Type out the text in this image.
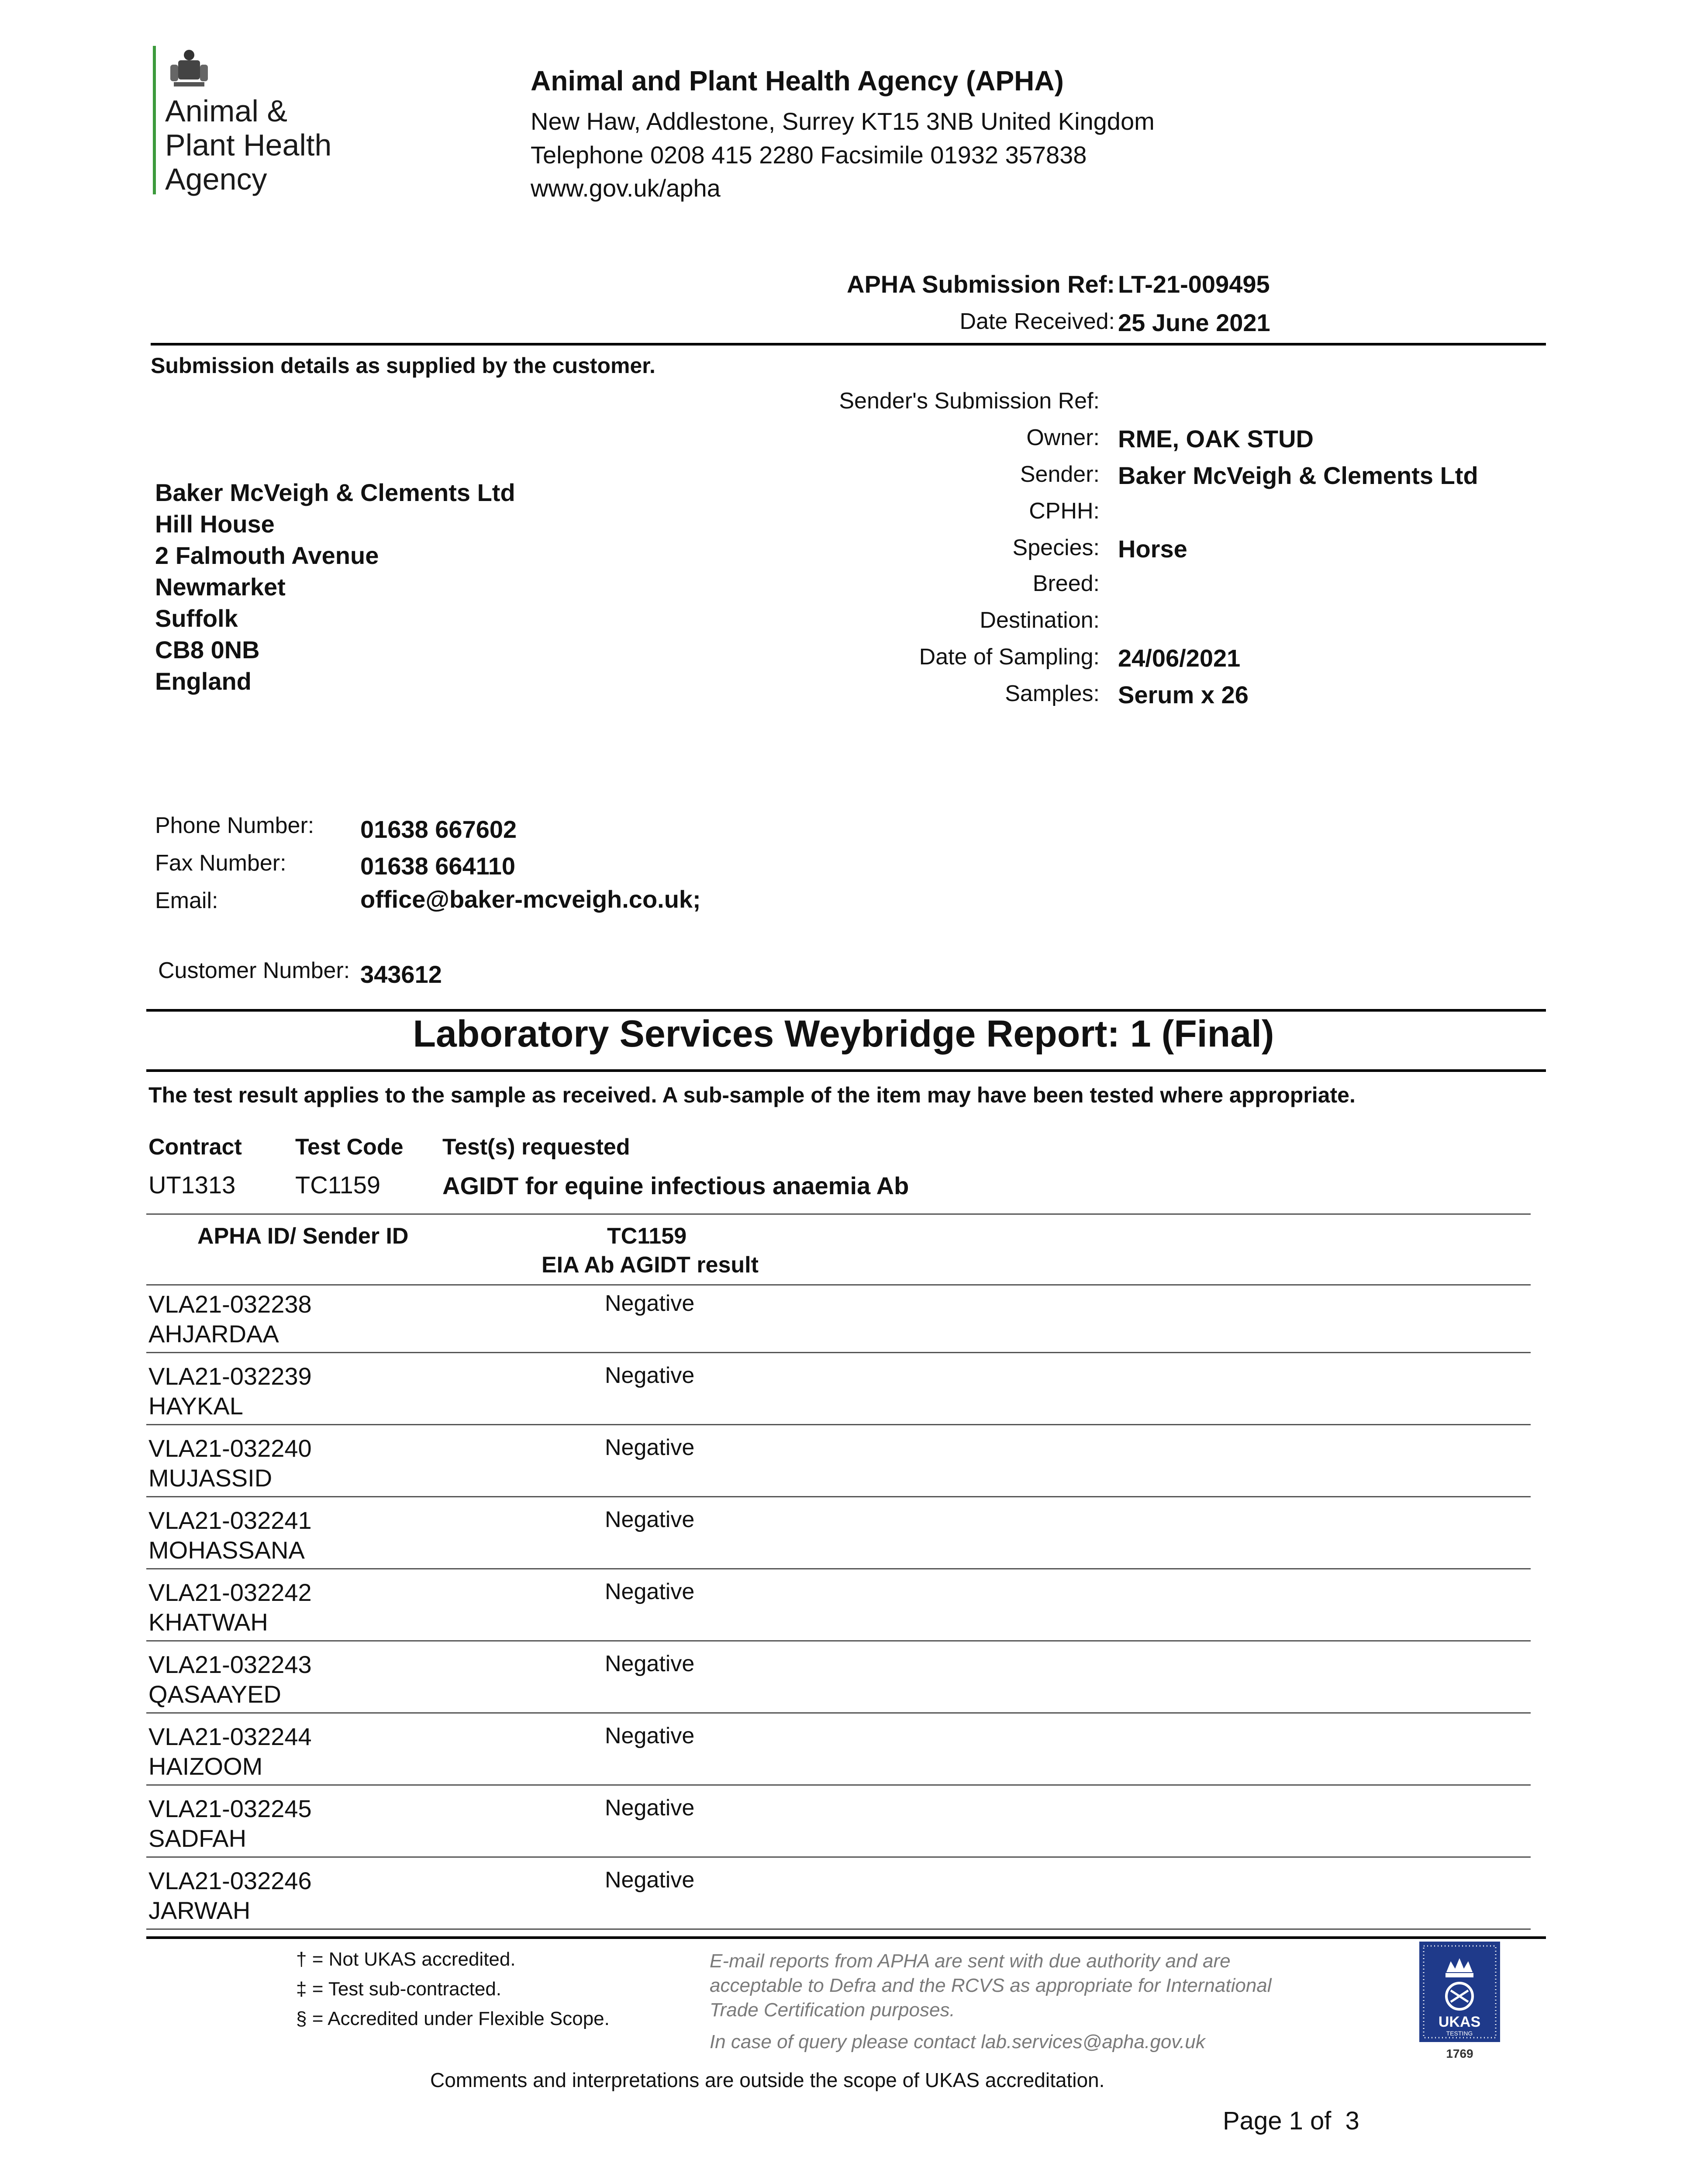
Animal &
Plant Health
Agency
Animal and Plant Health Agency (APHA)
New Haw, Addlestone, Surrey KT15 3NB United Kingdom
Telephone 0208 415 2280 Facsimile 01932 357838
www.gov.uk/apha
APHA Submission Ref: LT-21-009495
Date Received: 25 June 2021
Submission details as supplied by the customer.
Baker McVeigh & Clements Ltd
Hill House
2 Falmouth Avenue
Newmarket
Suffolk
CB8 0NB
England
Sender's Submission Ref:
Owner: RME, OAK STUD
Sender: Baker McVeigh & Clements Ltd
CPHH:
Species: Horse
Breed:
Destination:
Date of Sampling: 24/06/2021
Samples: Serum x 26
Phone Number: 01638 667602
Fax Number:	01638 664110
Email:	office@baker-mcveigh.co.uk;
Customer Number: 343612
Laboratory Services Weybridge Report: 1 (Final)
The test result applies to the sample as received. A sub-sample of the item may have been tested where appropriate.
Contract Test Code Test(s) requested
UT1313 TC1159	AGIDT for equine infectious anaemia Ab
APHA ID/ Sender ID	TC1159
EIA Ab AGIDT result
VLA21-032238
AHJARDAA
Negative
VLA21-032239
HAYKAL
Negative
VLA21-032240
MUJASSID
Negative
VLA21-032241
MOHASSANA
Negative
VLA21-032242
KHATWAH
Negative
VLA21-032243
QASAAYED
Negative
VLA21-032244
HAIZOOM
Negative
VLA21-032245
SADFAH
Negative
VLA21-032246
JARWAH
Negative
† = Not UKAS accredited.
‡ = Test sub-contracted.
§ = Accredited under Flexible Scope.
E-mail reports from APHA are sent with due authority and are
acceptable to Defra and the RCVS as appropriate for International
Trade Certification purposes.
In case of query please contact lab.services@apha.gov.uk
UKAS
TESTING
1769
Comments and interpretations are outside the scope of UKAS accreditation.
Page 1 of  3
